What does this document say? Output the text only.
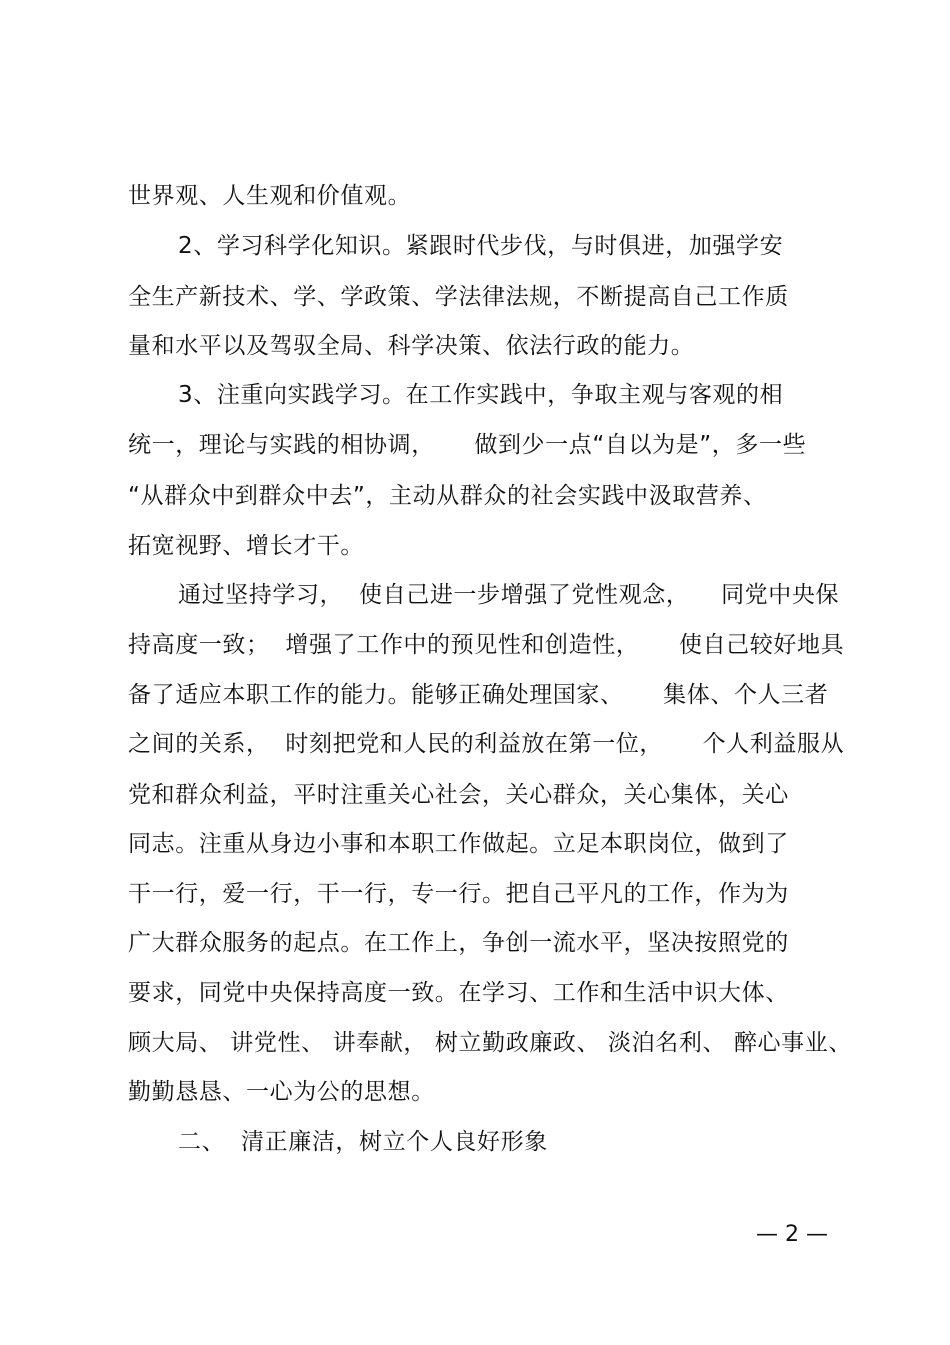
世界观、人生观和价值观。
2、学习科学化知识。紧跟时代步伐，与时俱进，加强学安
全生产新技术、学、学政策、学法律法规，不断提高自己工作质
量和水平以及驾驭全局、科学决策、依法行政的能力。
3、注重向实践学习。在工作实践中，争取主观与客观的相
统一，理论与实践的相协调，     做到少一点“自以为是”，多一些
“从群众中到群众中去”，主动从群众的社会实践中汲取营养、
拓宽视野、增长才干。
通过坚持学习，  使自己进一步增强了党性观念，    同党中央保
持高度一致；  增强了工作中的预见性和创造性，     使自己较好地具
备了适应本职工作的能力。能够正确处理国家、     集体、个人三者
之间的关系，  时刻把党和人民的利益放在第一位，     个人利益服从
党和群众利益，平时注重关心社会，关心群众，关心集体，关心
同志。注重从身边小事和本职工作做起。立足本职岗位，做到了
干一行，爱一行，干一行，专一行。把自己平凡的工作，作为为
广大群众服务的起点。在工作上，争创一流水平，坚决按照党的
要求，同党中央保持高度一致。在学习、工作和生活中识大体、
顾大局、 讲党性、 讲奉献， 树立勤政廉政、 淡泊名利、 醉心事业、
勤勤恳恳、一心为公的思想。
二、  清正廉洁，树立个人良好形象
— 2 —
